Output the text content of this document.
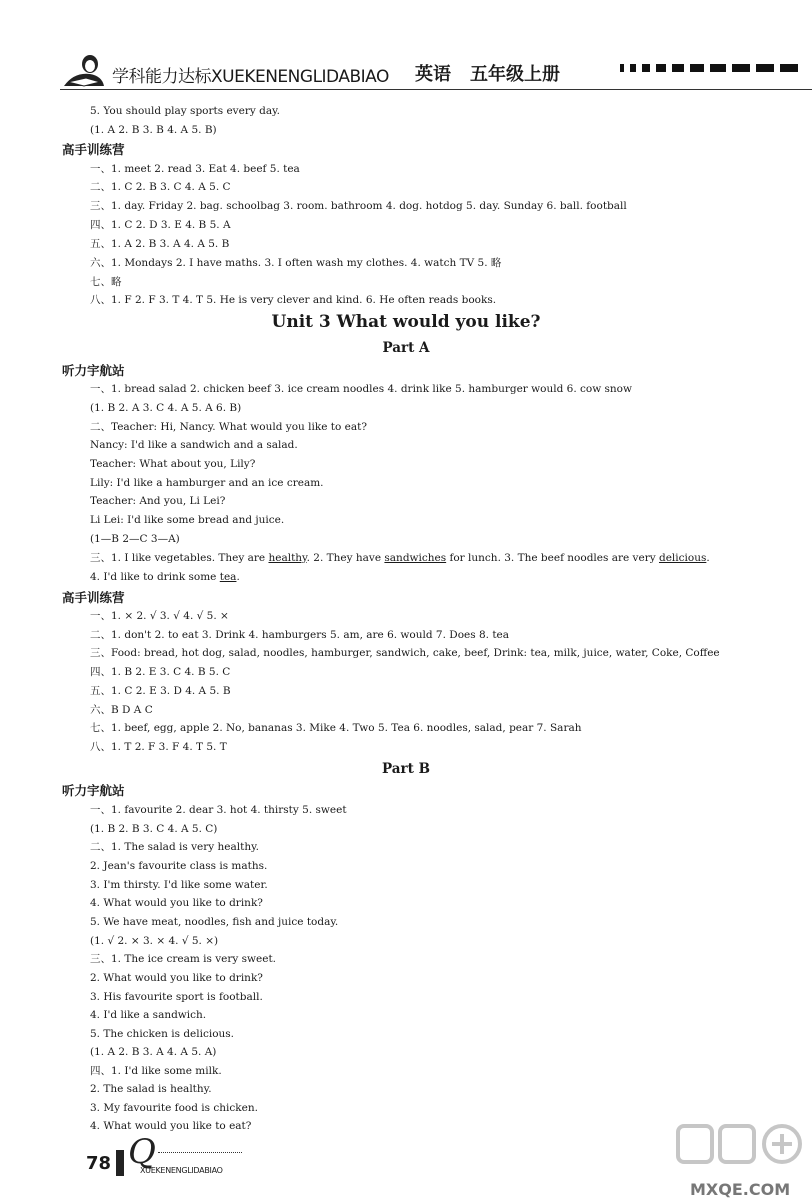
学科能力达标XUEKENENGLIDABIAO 英语 五年级上册
5. You should play sports every day.
(1. A 2. B 3. B 4. A 5. B)
高手训练营
一、1. meet 2. read 3. Eat 4. beef 5. tea
二、1. C 2. B 3. C 4. A 5. C
三、1. day. Friday 2. bag. schoolbag 3. room. bathroom 4. dog. hotdog 5. day. Sunday 6. ball. football
四、1. C 2. D 3. E 4. B 5. A
五、1. A 2. B 3. A 4. A 5. B
六、1. Mondays 2. I have maths. 3. I often wash my clothes. 4. watch TV 5. 略
七、略
八、1. F 2. F 3. T 4. T 5. He is very clever and kind. 6. He often reads books.
Unit 3 What would you like?
Part A
听力宇航站
一、1. bread salad 2. chicken beef 3. ice cream noodles 4. drink like 5. hamburger would 6. cow snow
(1. B 2. A 3. C 4. A 5. A 6. B)
二、Teacher: Hi, Nancy. What would you like to eat?
Nancy: I'd like a sandwich and a salad.
Teacher: What about you, Lily?
Lily: I'd like a hamburger and an ice cream.
Teacher: And you, Li Lei?
Li Lei: I'd like some bread and juice.
(1—B 2—C 3—A)
三、1. I like vegetables. They are healthy. 2. They have sandwiches for lunch. 3. The beef noodles are very delicious.
4. I'd like to drink some tea.
高手训练营
一、1. × 2. √ 3. √ 4. √ 5. ×
二、1. don't 2. to eat 3. Drink 4. hamburgers 5. am, are 6. would 7. Does 8. tea
三、Food: bread, hot dog, salad, noodles, hamburger, sandwich, cake, beef, Drink: tea, milk, juice, water, Coke, Coffee
四、1. B 2. E 3. C 4. B 5. C
五、1. C 2. E 3. D 4. A 5. B
六、B D A C
七、1. beef, egg, apple 2. No, bananas 3. Mike 4. Two 5. Tea 6. noodles, salad, pear 7. Sarah
八、1. T 2. F 3. F 4. T 5. T
Part B
听力宇航站
一、1. favourite 2. dear 3. hot 4. thirsty 5. sweet
(1. B 2. B 3. C 4. A 5. C)
二、1. The salad is very healthy.
2. Jean's favourite class is maths.
3. I'm thirsty. I'd like some water.
4. What would you like to drink?
5. We have meat, noodles, fish and juice today.
(1. √ 2. × 3. × 4. √ 5. ×)
三、1. The ice cream is very sweet.
2. What would you like to drink?
3. His favourite sport is football.
4. I'd like a sandwich.
5. The chicken is delicious.
(1. A 2. B 3. A 4. A 5. A)
四、1. I'd like some milk.
2. The salad is healthy.
3. My favourite food is chicken.
4. What would you like to eat?
78 Q
XUEKENENGLIDABIAO
MXQE.COM
